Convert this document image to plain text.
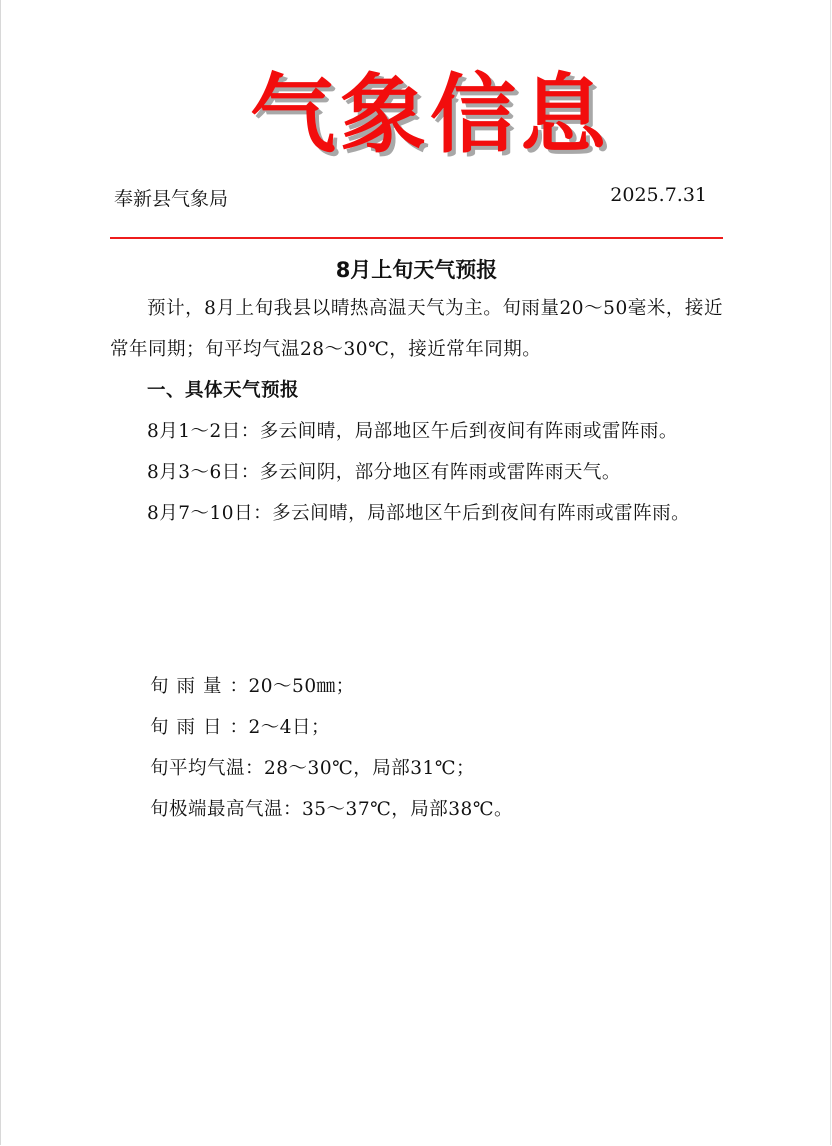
气象信息
奉新县气象局	2025.7.31
8月上旬天气预报

预计，8月上旬我县以晴热高温天气为主。旬雨量20～50毫米，接近常年同期；旬平均气温28～30℃，接近常年同期。

一、具体天气预报

8月1～2日：多云间晴，局部地区午后到夜间有阵雨或雷阵雨。

8月3～6日：多云间阴，部分地区有阵雨或雷阵雨天气。

8月7～10日：多云间晴，局部地区午后到夜间有阵雨或雷阵雨。

旬雨量：20～50㎜；
旬雨日：2～4日；
旬平均气温：28～30℃，局部31℃；
旬极端最高气温：35～37℃，局部38℃。
